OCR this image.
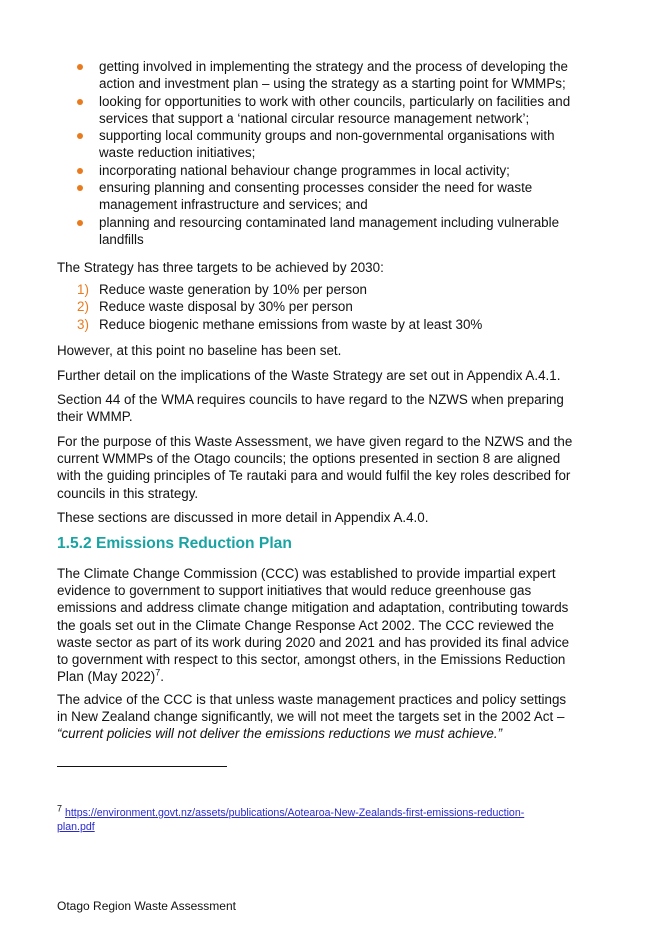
getting involved in implementing the strategy and the process of developing the action and investment plan – using the strategy as a starting point for WMMPs;
looking for opportunities to work with other councils, particularly on facilities and services that support a ‘national circular resource management network’;
supporting local community groups and non-governmental organisations with waste reduction initiatives;
incorporating national behaviour change programmes in local activity;
ensuring planning and consenting processes consider the need for waste management infrastructure and services; and
planning and resourcing contaminated land management including vulnerable landfills

The Strategy has three targets to be achieved by 2030:

1) Reduce waste generation by 10% per person
2) Reduce waste disposal by 30% per person
3) Reduce biogenic methane emissions from waste by at least 30%

However, at this point no baseline has been set.

Further detail on the implications of the Waste Strategy are set out in Appendix A.4.1.

Section 44 of the WMA requires councils to have regard to the NZWS when preparing their WMMP.

For the purpose of this Waste Assessment, we have given regard to the NZWS and the current WMMPs of the Otago councils; the options presented in section 8 are aligned with the guiding principles of Te rautaki para and would fulfil the key roles described for councils in this strategy.

These sections are discussed in more detail in Appendix A.4.0.

1.5.2 Emissions Reduction Plan

The Climate Change Commission (CCC) was established to provide impartial expert evidence to government to support initiatives that would reduce greenhouse gas emissions and address climate change mitigation and adaptation, contributing towards the goals set out in the Climate Change Response Act 2002. The CCC reviewed the waste sector as part of its work during 2020 and 2021 and has provided its final advice to government with respect to this sector, amongst others, in the Emissions Reduction Plan (May 2022)$^7$.

The advice of the CCC is that unless waste management practices and policy settings in New Zealand change significantly, we will not meet the targets set in the 2002 Act – “current policies will not deliver the emissions reductions we must achieve.”

$^7$ https://environment.govt.nz/assets/publications/Aotearoa-New-Zealands-first-emissions-reduction-plan.pdf
Otago Region Waste Assessment
